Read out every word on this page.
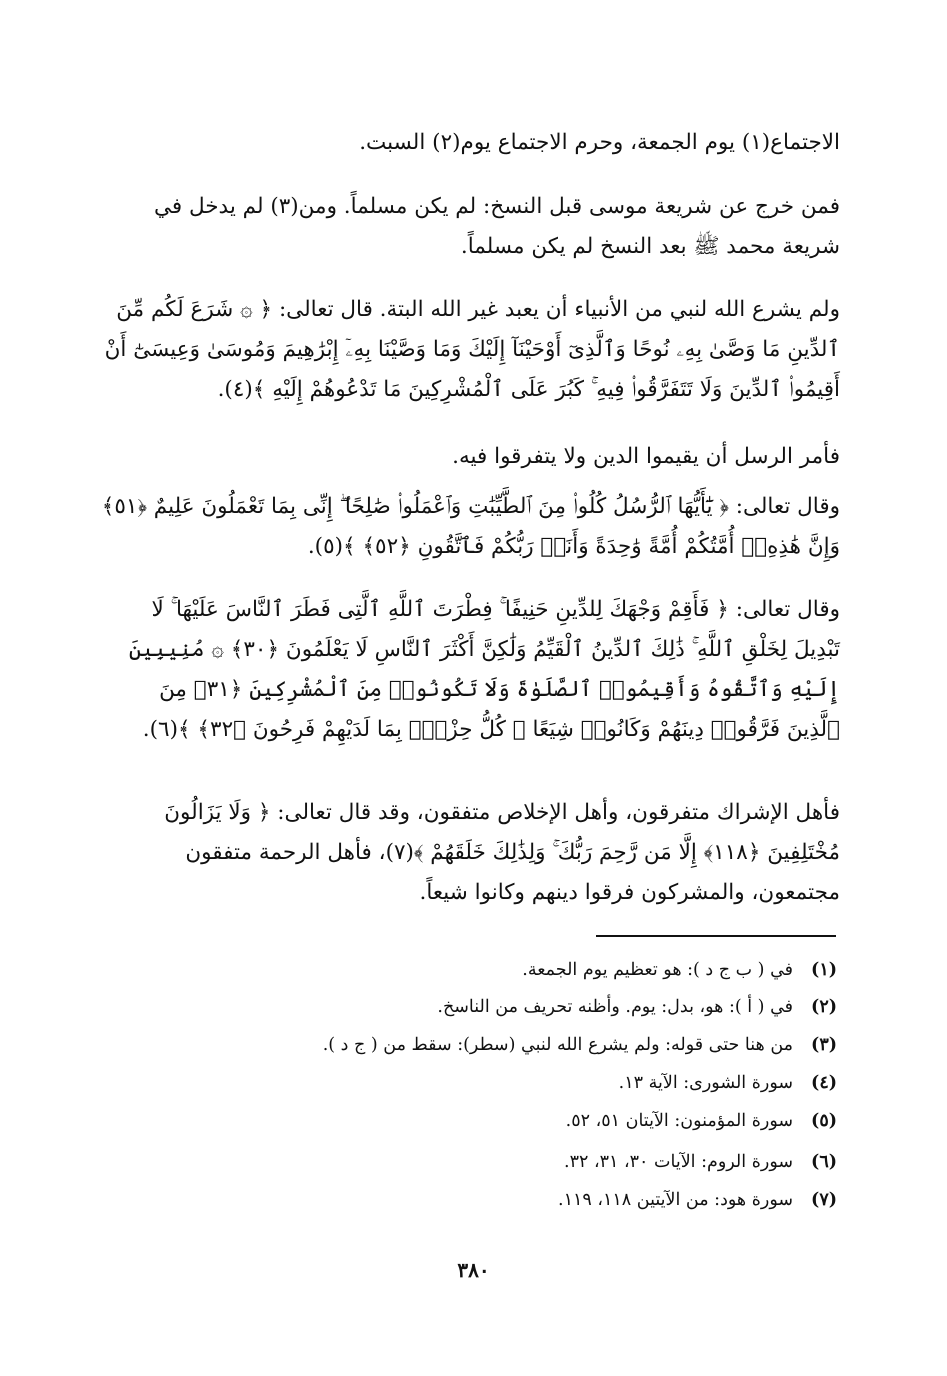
الاجتماع(١) يوم الجمعة، وحرم الاجتماع يوم(٢) السبت.

فمن خرج عن شريعة موسى قبل النسخ: لم يكن مسلماً. ومن(٣) لم يدخل في شريعة محمد ﷺ بعد النسخ لم يكن مسلماً.

ولم يشرع الله لنبي من الأنبياء أن يعبد غير الله البتة. قال تعالى: ﴿ ۞ شَرَعَ لَكُم مِّنَ ٱلدِّينِ مَا وَصَّىٰ بِهِۦ نُوحًا وَٱلَّذِىٓ أَوْحَيْنَآ إِلَيْكَ وَمَا وَصَّيْنَا بِهِۦٓ إِبْرَٰهِيمَ وَمُوسَىٰ وَعِيسَىٰٓ أَنْ أَقِيمُوا۟ ٱلدِّينَ وَلَا تَتَفَرَّقُوا۟ فِيهِ ۚ كَبُرَ عَلَى ٱلْمُشْرِكِينَ مَا تَدْعُوهُمْ إِلَيْهِ ﴾(٤).

فأمر الرسل أن يقيموا الدين ولا يتفرقوا فيه.

وقال تعالى: ﴿ يَٰٓأَيُّهَا ٱلرُّسُلُ كُلُوا۟ مِنَ ٱلطَّيِّبَٰتِ وَٱعْمَلُوا۟ صَٰلِحًا ۖ إِنِّى بِمَا تَعْمَلُونَ عَلِيمٌ ﴿٥١﴾ وَإِنَّ هَٰذِهِۦٓ أُمَّتُكُمْ أُمَّةً وَٰحِدَةً وَأَنَا۠ رَبُّكُمْ فَٱتَّقُونِ ﴿٥٢﴾ ﴾(٥).

وقال تعالى: ﴿ فَأَقِمْ وَجْهَكَ لِلدِّينِ حَنِيفًا ۚ فِطْرَتَ ٱللَّهِ ٱلَّتِى فَطَرَ ٱلنَّاسَ عَلَيْهَا ۚ لَا تَبْدِيلَ لِخَلْقِ ٱللَّهِ ۚ ذَٰلِكَ ٱلدِّينُ ٱلْقَيِّمُ وَلَٰكِنَّ أَكْثَرَ ٱلنَّاسِ لَا يَعْلَمُونَ ﴿٣٠﴾ ۞ مُنِيبِينَ إِلَيْهِ وَٱتَّقُوهُ وَأَقِيمُوا۟ ٱلصَّلَوٰةَ وَلَا تَكُونُوا۟ مِنَ ٱلْمُشْرِكِينَ ﴿٣١﴾ مِنَ ٱلَّذِينَ فَرَّقُوا۟ دِينَهُمْ وَكَانُوا۟ شِيَعًا ۖ كُلُّ حِزْبٍۭ بِمَا لَدَيْهِمْ فَرِحُونَ ﴿٣٢﴾ ﴾(٦).

فأهل الإشراك متفرقون، وأهل الإخلاص متفقون، وقد قال تعالى: ﴿ وَلَا يَزَالُونَ مُخْتَلِفِينَ ﴿١١٨﴾ إِلَّا مَن رَّحِمَ رَبُّكَ ۚ وَلِذَٰلِكَ خَلَقَهُمْ ﴾(٧)، فأهل الرحمة متفقون مجتمعون، والمشركون فرقوا دينهم وكانوا شيعاً.

(١)
في ( ب ج د ): هو تعظيم يوم الجمعة.
(٢)
في ( أ ): هو، بدل: يوم. وأظنه تحريف من الناسخ.
(٣)
من هنا حتى قوله: ولم يشرع الله لنبي (سطر): سقط من ( ج د ).
(٤)
سورة الشورى: الآية ١٣.
(٥)
سورة المؤمنون: الآيتان ٥١، ٥٢.
(٦)
سورة الروم: الآيات ٣٠، ٣١، ٣٢.
(٧)
سورة هود: من الآيتين ١١٨، ١١٩.
٣٨٠
